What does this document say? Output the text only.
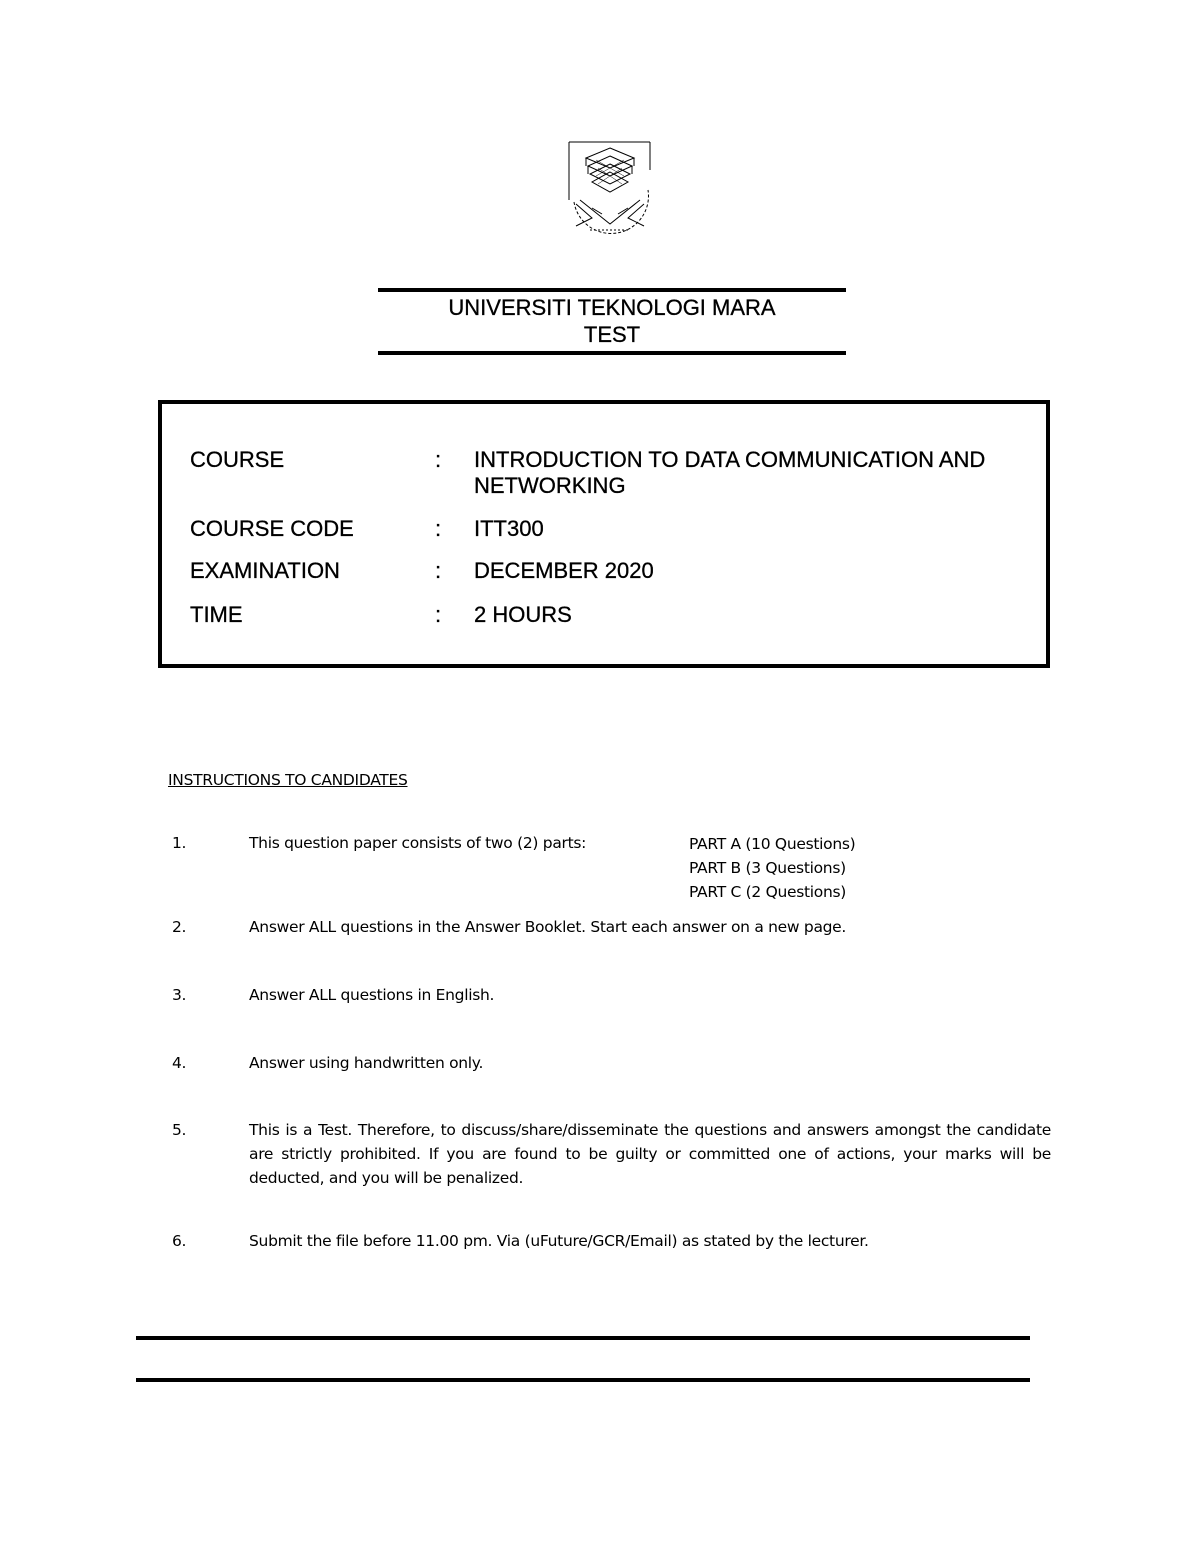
UNIVERSITI TEKNOLOGI MARA
TEST
COURSE	: INTRODUCTION TO DATA COMMUNICATION AND NETWORKING
COURSE CODE	: ITT300
EXAMINATION	: DECEMBER 2020
TIME	: 2 HOURS
INSTRUCTIONS TO CANDIDATES
1.	This question paper consists of two (2) parts:	PART A (10 Questions)
PART B (3 Questions)
PART C (2 Questions)
2.	Answer ALL questions in the Answer Booklet. Start each answer on a new page.
3.	Answer ALL questions in English.
4.	Answer using handwritten only.
5.	This is a Test. Therefore, to discuss/share/disseminate the questions and answers amongst the candidate are strictly prohibited. If you are found to be guilty or committed one of actions, your marks will be deducted, and you will be penalized.
6.	Submit the file before 11.00 pm. Via (uFuture/GCR/Email) as stated by the lecturer.
